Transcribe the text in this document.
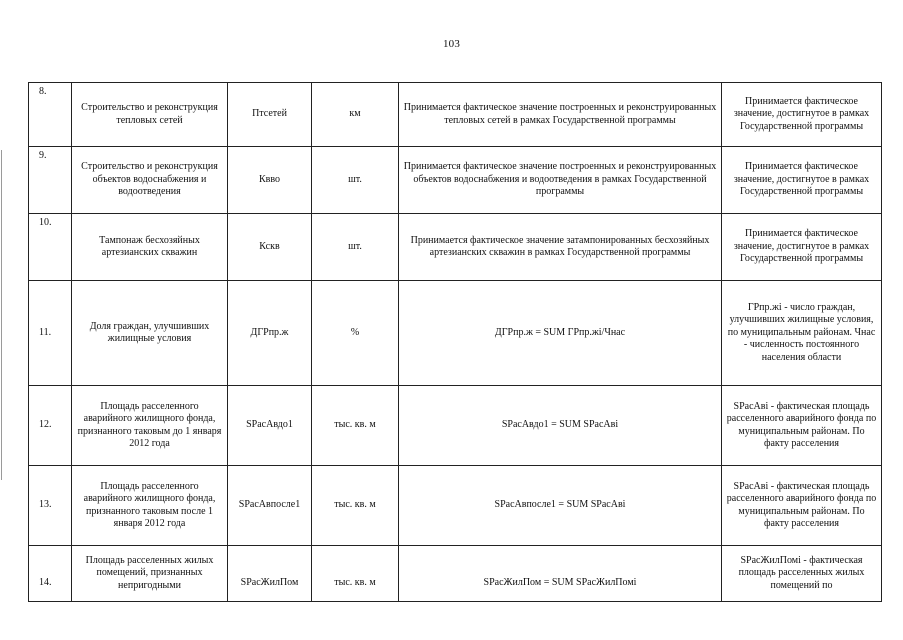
103
8.	Строительство и реконструкция тепловых сетей	Птсетей	км	Принимается фактическое значение построенных и реконструированных тепловых сетей в рамках Государственной программы	Принимается фактическое значение, достигнутое в рамках Государственной программы
9.	Строительство и реконструкция объектов водоснабжения и водоотведения	Кввo	шт.	Принимается фактическое значение построенных и реконструированных объектов водоснабжения и водоотведения в рамках Государственной программы	Принимается фактическое значение, достигнутое в рамках Государственной программы
10.	Тампонаж бесхозяйных артезианских скважин	Кскв	шт.	Принимается фактическое значение затампонированных бесхозяйных артезианских скважин в рамках Государственной программы	Принимается фактическое значение, достигнутое в рамках Государственной программы
11.	Доля граждан, улучшивших жилищные условия	ДГРпр.ж	%	ДГРпр.ж = SUM ГРпр.жi/Чнас	ГРпр.жi - число граждан, улучшивших жилищные условия, по муниципальным районам. Чнас - численность постоянного населения области
12.	Площадь расселенного аварийного жилищного фонда, признанного таковым до 1 января 2012 года	SРасАвдо1	тыс. кв. м	SРасАвдо1 = SUM SРасАвi	SРасАвi - фактическая площадь расселенного аварийного фонда по муниципальным районам. По факту расселения
13.	Площадь расселенного аварийного жилищного фонда, признанного таковым после 1 января 2012 года	SРасАвпосле1	тыс. кв. м	SРасАвпосле1 = SUM SРасАвi	SРасАвi - фактическая площадь расселенного аварийного фонда по муниципальным районам. По факту расселения
14.	Площадь расселенных жилых помещений, признанных непригодными	SРасЖилПом	тыс. кв. м	SРасЖилПом = SUM SРасЖилПомi	SРасЖилПомi - фактическая площадь расселенных жилых помещений по
